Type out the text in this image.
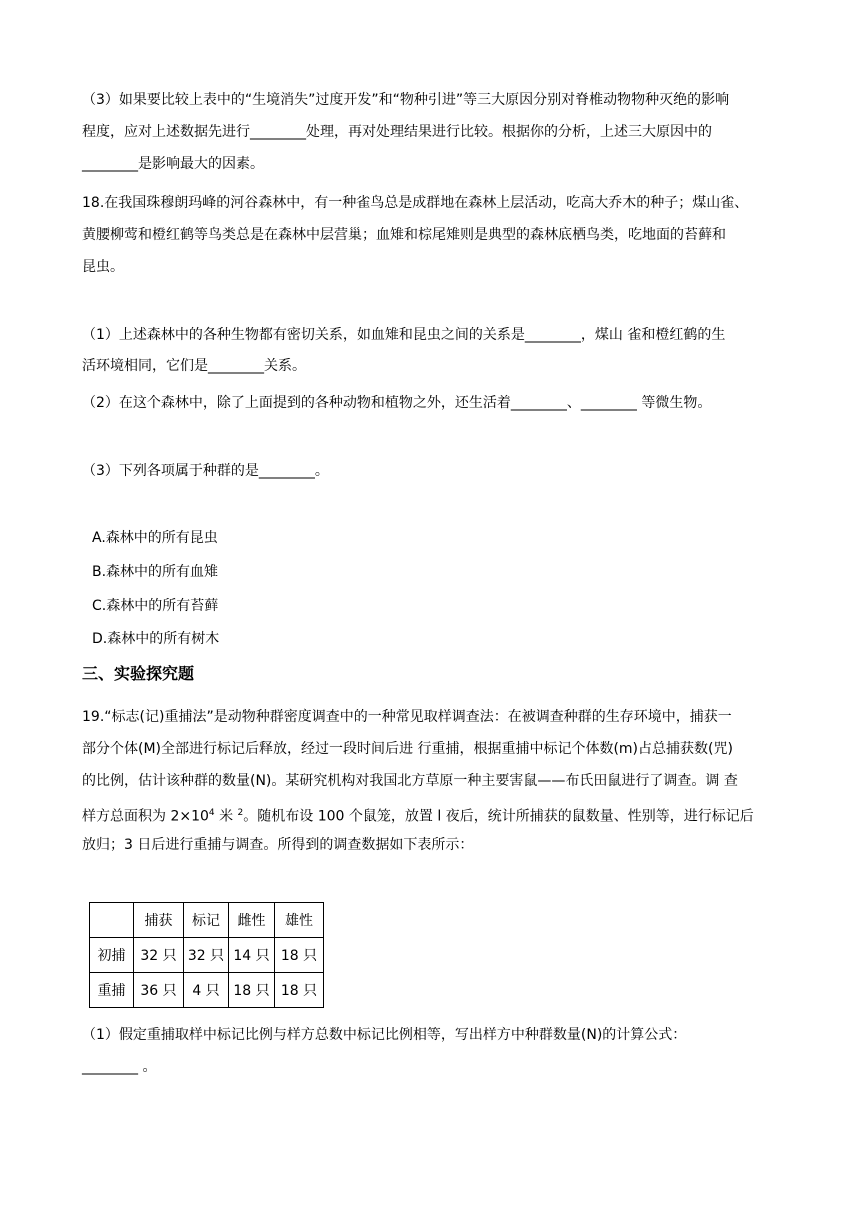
（3）如果要比较上表中的“生境消失”过度开发”和“物种引进”等三大原因分别对脊椎动物物种灭绝的影响
程度，应对上述数据先进行________处理，再对处理结果进行比较。根据你的分析，上述三大原因中的
________是影响最大的因素。
18.在我国珠穆朗玛峰的河谷森林中，有一种雀鸟总是成群地在森林上层活动，吃高大乔木的种子；煤山雀、
黄腰柳莺和橙红鹤等鸟类总是在森林中层营巢；血雉和棕尾雉则是典型的森林底栖鸟类，吃地面的苔藓和
昆虫。
（1）上述森林中的各种生物都有密切关系，如血雉和昆虫之间的关系是________，煤山 雀和橙红鹤的生
活环境相同，它们是________关系。
（2）在这个森林中，除了上面提到的各种动物和植物之外，还生活着________、________ 等微生物。
（3）下列各项属于种群的是________。
A.森林中的所有昆虫
B.森林中的所有血雉
C.森林中的所有苔藓
D.森林中的所有树木
三、实验探究题
19.“标志(记)重捕法”是动物种群密度调查中的一种常见取样调查法：在被调查种群的生存环境中，捕获一
部分个体(M)全部进行标记后释放，经过一段时间后进 行重捕，根据重捕中标记个体数(m)占总捕获数(咒)
的比例，估计该种群的数量(N)。某研究机构对我国北方草原一种主要害鼠——布氏田鼠进行了调查。调 查
样方总面积为 $2\times 10^4$ 米 $^2$。随机布设 100 个鼠笼，放置 l 夜后，统计所捕获的鼠数量、性别等，进行标记后
放归；3 日后进行重捕与调查。所得到的调查数据如下表所示：
	捕获	标记	雌性	雄性
初捕	32 只	32 只	14 只	18 只
重捕	36 只	4 只	18 只	18 只
（1）假定重捕取样中标记比例与样方总数中标记比例相等，写出样方中种群数量(N)的计算公式：
________ 。
